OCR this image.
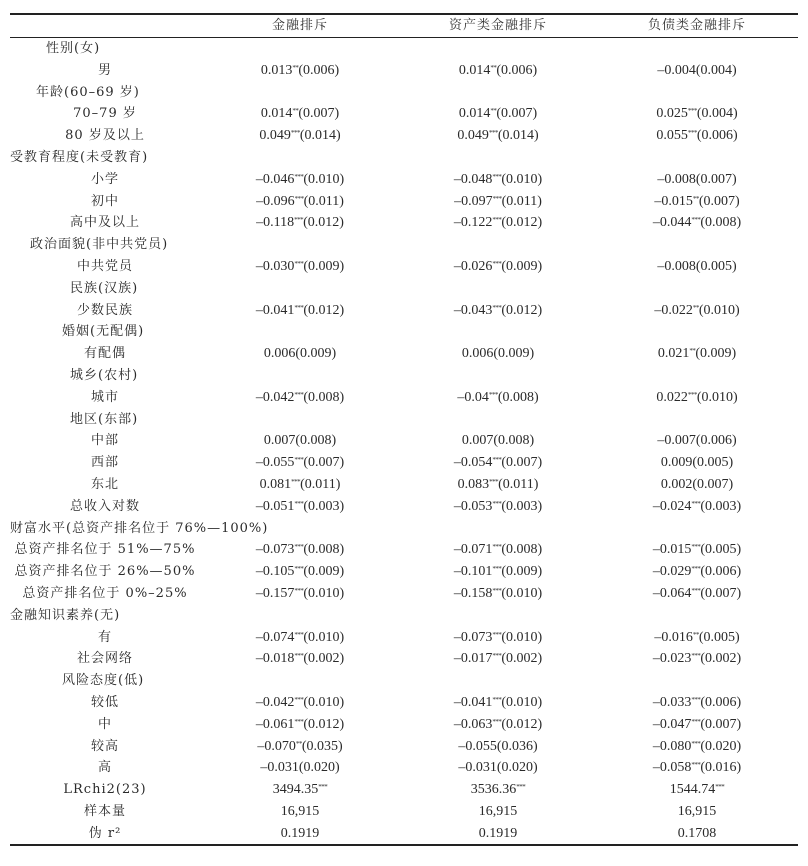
	金融排斥	资产类金融排斥	负债类金融排斥
性别(女)			
男	0.013**(0.006)	0.014**(0.006)	–0.004(0.004)
年龄(60–69 岁)			
70–79 岁	0.014**(0.007)	0.014**(0.007)	0.025***(0.004)
80 岁及以上	0.049***(0.014)	0.049***(0.014)	0.055***(0.006)
受教育程度(未受教育)			
小学	–0.046***(0.010)	–0.048***(0.010)	–0.008(0.007)
初中	–0.096***(0.011)	–0.097***(0.011)	–0.015**(0.007)
高中及以上	–0.118***(0.012)	–0.122***(0.012)	–0.044***(0.008)
政治面貌(非中共党员)			
中共党员	–0.030***(0.009)	–0.026***(0.009)	–0.008(0.005)
民族(汉族)			
少数民族	–0.041***(0.012)	–0.043***(0.012)	–0.022**(0.010)
婚姻(无配偶)			
有配偶	0.006(0.009)	0.006(0.009)	0.021**(0.009)
城乡(农村)			
城市	–0.042***(0.008)	–0.04***(0.008)	0.022***(0.010)
地区(东部)			
中部	0.007(0.008)	0.007(0.008)	–0.007(0.006)
西部	–0.055***(0.007)	–0.054***(0.007)	0.009(0.005)
东北	0.081***(0.011)	0.083***(0.011)	0.002(0.007)
总收入对数	–0.051***(0.003)	–0.053***(0.003)	–0.024***(0.003)
财富水平(总资产排名位于 76%—100%)			
总资产排名位于 51%—75%	–0.073***(0.008)	–0.071***(0.008)	–0.015***(0.005)
总资产排名位于 26%—50%	–0.105***(0.009)	–0.101***(0.009)	–0.029***(0.006)
总资产排名位于 0%–25%	–0.157***(0.010)	–0.158***(0.010)	–0.064***(0.007)
金融知识素养(无)			
有	–0.074***(0.010)	–0.073***(0.010)	–0.016**(0.005)
社会网络	–0.018***(0.002)	–0.017***(0.002)	–0.023***(0.002)
风险态度(低)			
较低	–0.042***(0.010)	–0.041***(0.010)	–0.033***(0.006)
中	–0.061***(0.012)	–0.063***(0.012)	–0.047***(0.007)
较高	–0.070**(0.035)	–0.055(0.036)	–0.080***(0.020)
高	–0.031(0.020)	–0.031(0.020)	–0.058***(0.016)
LRchi2(23)	3494.35***	3536.36***	1544.74***
样本量	16,915	16,915	16,915
伪 r²	0.1919	0.1919	0.1708
